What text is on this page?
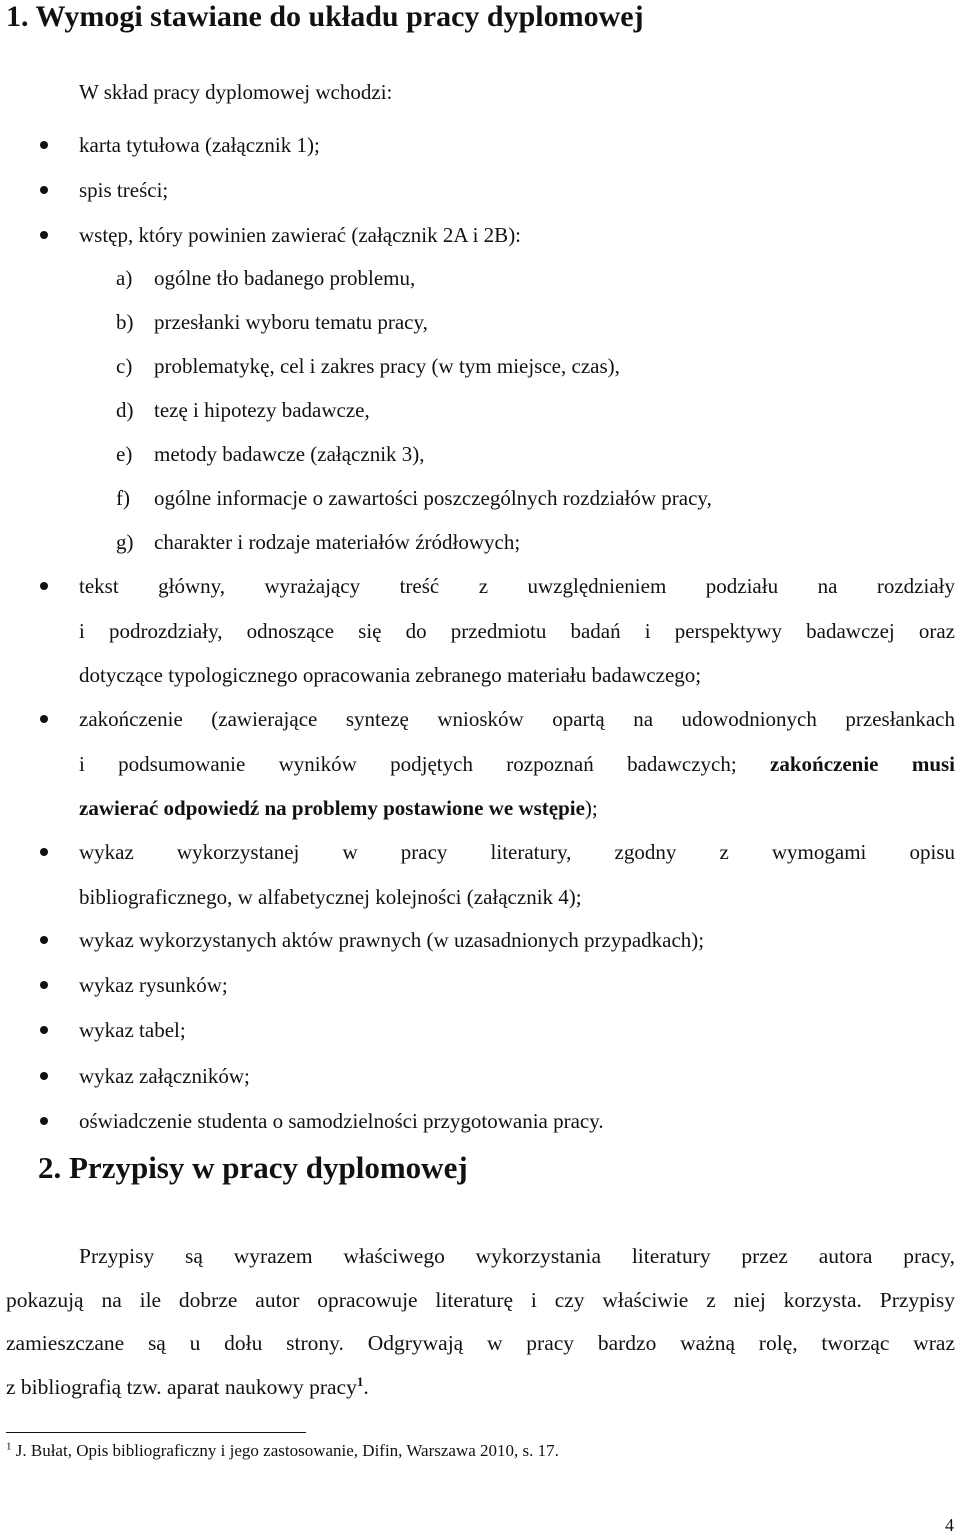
1. Wymogi stawiane do układu pracy dyplomowej
W skład pracy dyplomowej wchodzi:
karta tytułowa (załącznik 1);
spis treści;
wstęp, który powinien zawierać (załącznik 2A i 2B):
a) ogólne tło badanego problemu,
b) przesłanki wyboru tematu pracy,
c) problematykę, cel i zakres pracy (w tym miejsce, czas),
d) tezę i hipotezy badawcze,
e) metody badawcze (załącznik 3),
f) ogólne informacje o zawartości poszczególnych rozdziałów pracy,
g) charakter i rodzaje materiałów źródłowych;
tekst główny, wyrażający treść z uwzględnieniem podziału na rozdziały
i podrozdziały, odnoszące się do przedmiotu badań i perspektywy badawczej oraz
dotyczące typologicznego opracowania zebranego materiału badawczego;
zakończenie (zawierające syntezę wniosków opartą na udowodnionych przesłankach
i podsumowanie wyników podjętych rozpoznań badawczych; zakończenie musi
zawierać odpowiedź na problemy postawione we wstępie);
wykaz wykorzystanej w pracy literatury, zgodny z wymogami opisu
bibliograficznego, w alfabetycznej kolejności (załącznik 4);
wykaz wykorzystanych aktów prawnych (w uzasadnionych przypadkach);
wykaz rysunków;
wykaz tabel;
wykaz załączników;
oświadczenie studenta o samodzielności przygotowania pracy.
2. Przypisy w pracy dyplomowej
Przypisy są wyrazem właściwego wykorzystania literatury przez autora pracy,
pokazują na ile dobrze autor opracowuje literaturę i czy właściwie z niej korzysta. Przypisy
zamieszczane są u dołu strony. Odgrywają w pracy bardzo ważną rolę, tworząc wraz
z bibliografią tzw. aparat naukowy pracy$^1$.
$^1$ J. Bułat, Opis bibliograficzny i jego zastosowanie, Difin, Warszawa 2010, s. 17.
4
